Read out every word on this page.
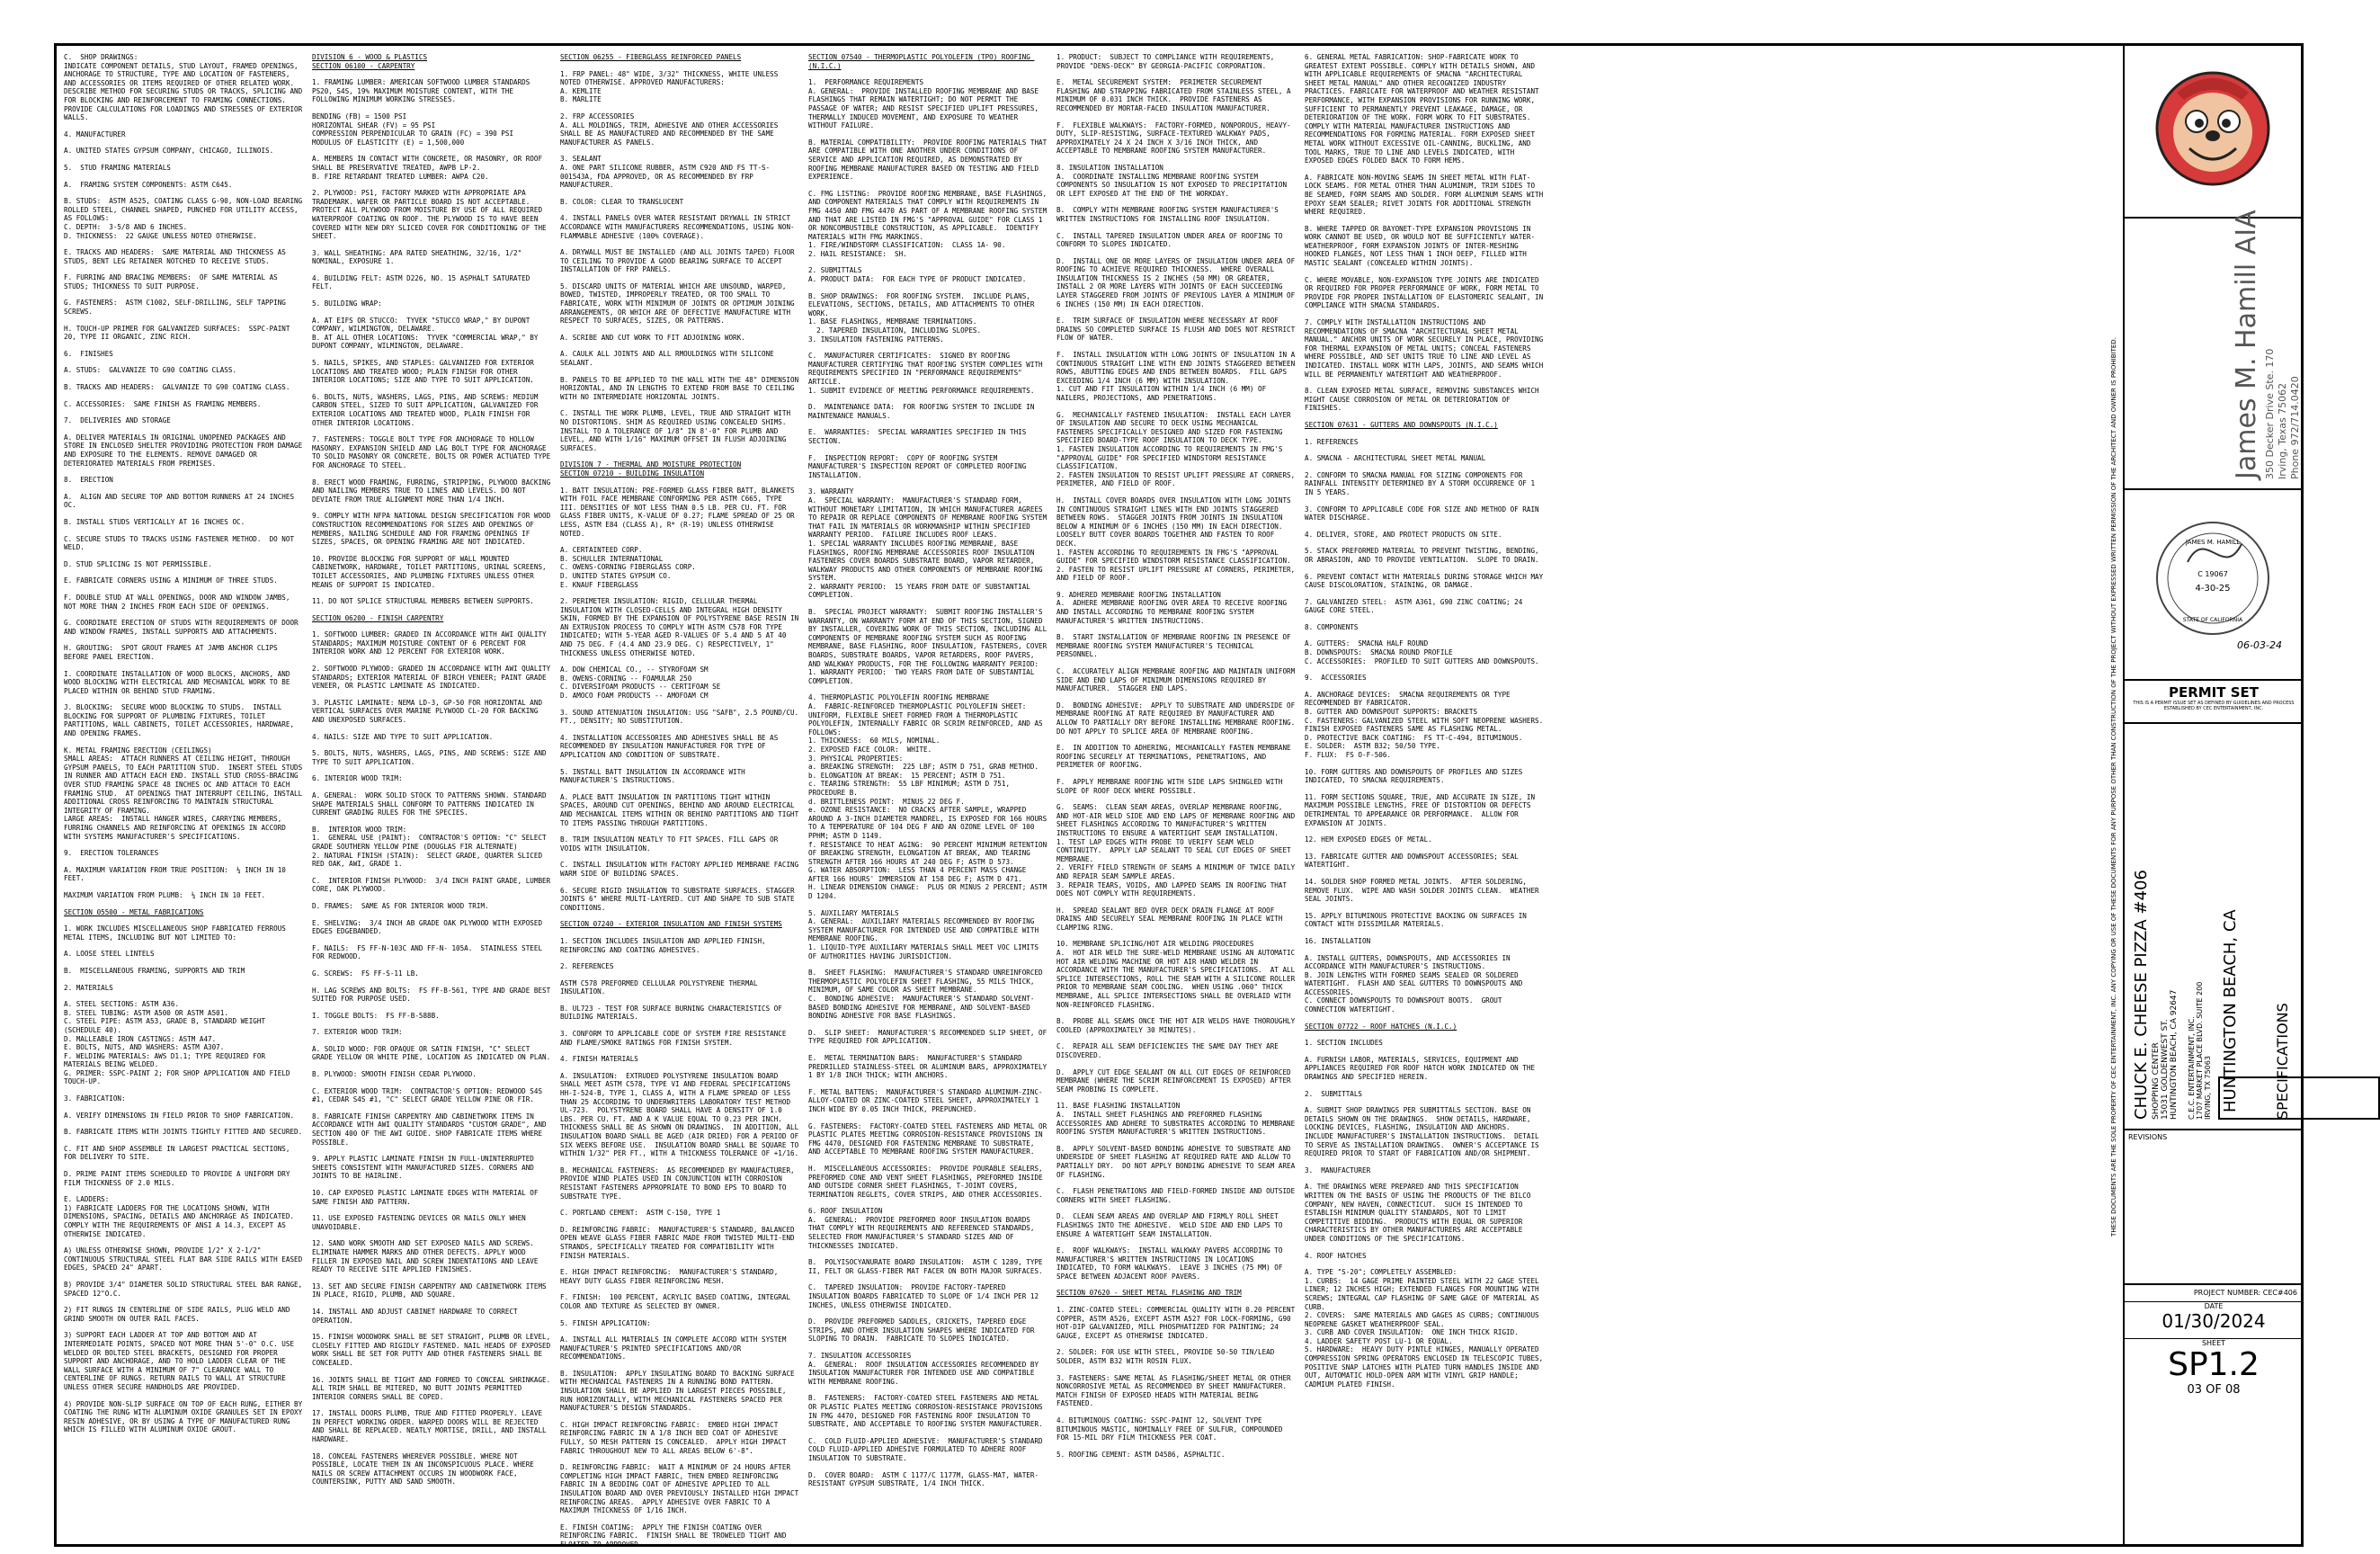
C.  SHOP DRAWINGS:
INDICATE COMPONENT DETAILS, STUD LAYOUT, FRAMED OPENINGS, ANCHORAGE TO STRUCTURE, TYPE AND LOCATION OF FASTENERS, AND ACCESSORIES OR ITEMS REQUIRED OF OTHER RELATED WORK.
DESCRIBE METHOD FOR SECURING STUDS OR TRACKS, SPLICING AND FOR BLOCKING AND REINFORCEMENT TO FRAMING CONNECTIONS.
PROVIDE CALCULATIONS FOR LOADINGS AND STRESSES OF EXTERIOR WALLS.

4. MANUFACTURER

A. UNITED STATES GYPSUM COMPANY, CHICAGO, ILLINOIS.

5.  STUD FRAMING MATERIALS

A.  FRAMING SYSTEM COMPONENTS: ASTM C645.

B. STUDS:  ASTM A525, COATING CLASS G-90, NON-LOAD BEARING ROLLED STEEL, CHANNEL SHAPED, PUNCHED FOR UTILITY ACCESS, AS FOLLOWS:
C. DEPTH:  3-5/8 AND 6 INCHES.
D. THICKNESS:  22 GAUGE UNLESS NOTED OTHERWISE.

E. TRACKS AND HEADERS:  SAME MATERIAL AND THICKNESS AS STUDS, BENT LEG RETAINER NOTCHED TO RECEIVE STUDS.

F. FURRING AND BRACING MEMBERS:  OF SAME MATERIAL AS STUDS; THICKNESS TO SUIT PURPOSE.

G. FASTENERS:  ASTM C1002, SELF-DRILLING, SELF TAPPING SCREWS.

H. TOUCH-UP PRIMER FOR GALVANIZED SURFACES:  SSPC-PAINT 20, TYPE II ORGANIC, ZINC RICH.

6.  FINISHES

A. STUDS:  GALVANIZE TO G90 COATING CLASS.

B. TRACKS AND HEADERS:  GALVANIZE TO G90 COATING CLASS.

C. ACCESSORIES:  SAME FINISH AS FRAMING MEMBERS.

7.  DELIVERIES AND STORAGE

A. DELIVER MATERIALS IN ORIGINAL UNOPENED PACKAGES AND STORE IN ENCLOSED SHELTER PROVIDING PROTECTION FROM DAMAGE AND EXPOSURE TO THE ELEMENTS. REMOVE DAMAGED OR DETERIORATED MATERIALS FROM PREMISES.

8.  ERECTION

A.  ALIGN AND SECURE TOP AND BOTTOM RUNNERS AT 24 INCHES OC.

B. INSTALL STUDS VERTICALLY AT 16 INCHES OC.

C. SECURE STUDS TO TRACKS USING FASTENER METHOD.  DO NOT WELD.

D. STUD SPLICING IS NOT PERMISSIBLE.

E. FABRICATE CORNERS USING A MINIMUM OF THREE STUDS.

F. DOUBLE STUD AT WALL OPENINGS, DOOR AND WINDOW JAMBS, NOT MORE THAN 2 INCHES FROM EACH SIDE OF OPENINGS.

G. COORDINATE ERECTION OF STUDS WITH REQUIREMENTS OF DOOR AND WINDOW FRAMES, INSTALL SUPPORTS AND ATTACHMENTS.

H. GROUTING:  SPOT GROUT FRAMES AT JAMB ANCHOR CLIPS BEFORE PANEL ERECTION.

I. COORDINATE INSTALLATION OF WOOD BLOCKS, ANCHORS, AND WOOD BLOCKING WITH ELECTRICAL AND MECHANICAL WORK TO BE PLACED WITHIN OR BEHIND STUD FRAMING.

J. BLOCKING:  SECURE WOOD BLOCKING TO STUDS.  INSTALL BLOCKING FOR SUPPORT OF PLUMBING FIXTURES, TOILET PARTITIONS, WALL CABINETS, TOILET ACCESSORIES, HARDWARE, AND OPENING FRAMES.

K. METAL FRAMING ERECTION (CEILINGS)
SMALL AREAS:  ATTACH RUNNERS AT CEILING HEIGHT, THROUGH GYPSUM PANELS, TO EACH PARTITION STUD.  INSERT STEEL STUDS IN RUNNER AND ATTACH EACH END. INSTALL STUD CROSS-BRACING OVER STUD FRAMING SPACE 48 INCHES OC AND ATTACH TO EACH FRAMING STUD.  AT OPENINGS THAT INTERRUPT CEILING, INSTALL ADDITIONAL CROSS REINFORCING TO MAINTAIN STRUCTURAL INTEGRITY OF FRAMING.
LARGE AREAS:  INSTALL HANGER WIRES, CARRYING MEMBERS, FURRING CHANNELS AND REINFORCING AT OPENINGS IN ACCORD WITH SYSTEMS MANUFACTURER'S SPECIFICATIONS.

9.  ERECTION TOLERANCES

A. MAXIMUM VARIATION FROM TRUE POSITION:  ¼ INCH IN 10 FEET.

MAXIMUM VARIATION FROM PLUMB:  ¼ INCH IN 10 FEET.

SECTION 05500 - METAL FABRICATIONS

1. WORK INCLUDES MISCELLANEOUS SHOP FABRICATED FERROUS METAL ITEMS, INCLUDING BUT NOT LIMITED TO:

A. LOOSE STEEL LINTELS

B.  MISCELLANEOUS FRAMING, SUPPORTS AND TRIM

2. MATERIALS

A. STEEL SECTIONS: ASTM A36.
B. STEEL TUBING: ASTM A500 OR ASTM A501.
C. STEEL PIPE: ASTM A53, GRADE B, STANDARD WEIGHT (SCHEDULE 40).
D. MALLEABLE IRON CASTINGS: ASTM A47.
E. BOLTS, NUTS, AND WASHERS: ASTM A307.
F. WELDING MATERIALS: AWS D1.1; TYPE REQUIRED FOR MATERIALS BEING WELDED.
G. PRIMER: SSPC-PAINT 2; FOR SHOP APPLICATION AND FIELD TOUCH-UP.

3. FABRICATION:

A. VERIFY DIMENSIONS IN FIELD PRIOR TO SHOP FABRICATION.

B. FABRICATE ITEMS WITH JOINTS TIGHTLY FITTED AND SECURED.

C. FIT AND SHOP ASSEMBLE IN LARGEST PRACTICAL SECTIONS, FOR DELIVERY TO SITE.

D. PRIME PAINT ITEMS SCHEDULED TO PROVIDE A UNIFORM DRY FILM THICKNESS OF 2.0 MILS.

E. LADDERS:
1) FABRICATE LADDERS FOR THE LOCATIONS SHOWN, WITH DIMENSIONS, SPACING, DETAILS AND ANCHORAGE AS INDICATED.  COMPLY WITH THE REQUIREMENTS OF ANSI A 14.3, EXCEPT AS OTHERWISE INDICATED.

A) UNLESS OTHERWISE SHOWN, PROVIDE 1/2" X 2-1/2" CONTINUOUS STRUCTURAL STEEL FLAT BAR SIDE RAILS WITH EASED EDGES, SPACED 24" APART.

B) PROVIDE 3/4" DIAMETER SOLID STRUCTURAL STEEL BAR RANGE, SPACED 12"O.C.

2) FIT RUNGS IN CENTERLINE OF SIDE RAILS, PLUG WELD AND GRIND SMOOTH ON OUTER RAIL FACES.

3) SUPPORT EACH LADDER AT TOP AND BOTTOM AND AT INTERMEDIATE POINTS, SPACED NOT MORE THAN 5'-0" O.C. USE WELDED OR BOLTED STEEL BRACKETS, DESIGNED FOR PROPER SUPPORT AND ANCHORAGE, AND TO HOLD LADDER CLEAR OF THE WALL SURFACE WITH A MINIMUM OF 7" CLEARANCE WALL TO CENTERLINE OF RUNGS. RETURN RAILS TO WALL AT STRUCTURE UNLESS OTHER SECURE HANDHOLDS ARE PROVIDED.

4) PROVIDE NON-SLIP SURFACE ON TOP OF EACH RUNG, EITHER BY COATING THE RUNG WITH ALUMINUM OXIDE GRANULES SET IN EPOXY RESIN ADHESIVE, OR BY USING A TYPE OF MANUFACTURED RUNG WHICH IS FILLED WITH ALUMINUM OXIDE GROUT.

DIVISION 6 - WOOD & PLASTICS
SECTION 06100 - CARPENTRY

1. FRAMING LUMBER: AMERICAN SOFTWOOD LUMBER STANDARDS PS20, S4S, 19% MAXIMUM MOISTURE CONTENT, WITH THE FOLLOWING MINIMUM WORKING STRESSES.

BENDING (FB) = 1500 PSI
HORIZONTAL SHEAR (FV) = 95 PSI
COMPRESSION PERPENDICULAR TO GRAIN (FC) = 390 PSI
MODULUS OF ELASTICITY (E) = 1,500,000

A. MEMBERS IN CONTACT WITH CONCRETE, OR MASONRY, OR ROOF SHALL BE PRESERVATIVE TREATED, AWPB LP-2.
B. FIRE RETARDANT TREATED LUMBER: AWPA C20.

2. PLYWOOD: PS1, FACTORY MARKED WITH APPROPRIATE APA TRADEMARK. WAFER OR PARTICLE BOARD IS NOT ACCEPTABLE. PROTECT ALL PLYWOOD FROM MOISTURE BY USE OF ALL REQUIRED WATERPROOF COATING ON ROOF. THE PLYWOOD IS TO HAVE BEEN COVERED WITH NEW DRY SLICED COVER FOR CONDITIONING OF THE SHEET.

3. WALL SHEATHING: APA RATED SHEATHING, 32/16, 1/2" NOMINAL, EXPOSURE 1.

4. BUILDING FELT: ASTM D226, NO. 15 ASPHALT SATURATED FELT.

5. BUILDING WRAP:

A. AT EIFS OR STUCCO:  TYVEK "STUCCO WRAP," BY DUPONT COMPANY, WILMINGTON, DELAWARE.
B. AT ALL OTHER LOCATIONS:  TYVEK "COMMERCIAL WRAP," BY DUPONT COMPANY, WILMINGTON, DELAWARE.

5. NAILS, SPIKES, AND STAPLES: GALVANIZED FOR EXTERIOR LOCATIONS AND TREATED WOOD; PLAIN FINISH FOR OTHER INTERIOR LOCATIONS; SIZE AND TYPE TO SUIT APPLICATION.

6. BOLTS, NUTS, WASHERS, LAGS, PINS, AND SCREWS: MEDIUM CARBON STEEL, SIZED TO SUIT APPLICATION, GALVANIZED FOR EXTERIOR LOCATIONS AND TREATED WOOD, PLAIN FINISH FOR OTHER INTERIOR LOCATIONS.

7. FASTENERS: TOGGLE BOLT TYPE FOR ANCHORAGE TO HOLLOW MASONRY. EXPANSION SHIELD AND LAG BOLT TYPE FOR ANCHORAGE TO SOLID MASONRY OR CONCRETE. BOLTS OR POWER ACTUATED TYPE FOR ANCHORAGE TO STEEL.

8. ERECT WOOD FRAMING, FURRING, STRIPPING, PLYWOOD BACKING AND NAILING MEMBERS TRUE TO LINES AND LEVELS. DO NOT DEVIATE FROM TRUE ALIGNMENT MORE THAN 1/4 INCH.

9. COMPLY WITH NFPA NATIONAL DESIGN SPECIFICATION FOR WOOD CONSTRUCTION RECOMMENDATIONS FOR SIZES AND OPENINGS OF MEMBERS, NAILING SCHEDULE AND FOR FRAMING OPENINGS IF SIZES, SPACES, OR OPENING FRAMING ARE NOT INDICATED.

10. PROVIDE BLOCKING FOR SUPPORT OF WALL MOUNTED CABINETWORK, HARDWARE, TOILET PARTITIONS, URINAL SCREENS, TOILET ACCESSORIES, AND PLUMBING FIXTURES UNLESS OTHER MEANS OF SUPPORT IS INDICATED.

11. DO NOT SPLICE STRUCTURAL MEMBERS BETWEEN SUPPORTS.

SECTION 06200 - FINISH CARPENTRY

1. SOFTWOOD LUMBER: GRADED IN ACCORDANCE WITH AWI QUALITY STANDARDS; MAXIMUM MOISTURE CONTENT OF 6 PERCENT FOR INTERIOR WORK AND 12 PERCENT FOR EXTERIOR WORK.

2. SOFTWOOD PLYWOOD: GRADED IN ACCORDANCE WITH AWI QUALITY STANDARDS; EXTERIOR MATERIAL OF BIRCH VENEER; PAINT GRADE VENEER, OR PLASTIC LAMINATE AS INDICATED.

3. PLASTIC LAMINATE: NEMA LD-3, GP-50 FOR HORIZONTAL AND VERTICAL SURFACES OVER MARINE PLYWOOD CL-20 FOR BACKING AND UNEXPOSED SURFACES.

4. NAILS: SIZE AND TYPE TO SUIT APPLICATION.

5. BOLTS, NUTS, WASHERS, LAGS, PINS, AND SCREWS: SIZE AND TYPE TO SUIT APPLICATION.

6. INTERIOR WOOD TRIM:

A. GENERAL:  WORK SOLID STOCK TO PATTERNS SHOWN. STANDARD SHAPE MATERIALS SHALL CONFORM TO PATTERNS INDICATED IN CURRENT GRADING RULES FOR THE SPECIES.

B.  INTERIOR WOOD TRIM:
1.  GENERAL USE (PAINT):  CONTRACTOR'S OPTION: "C" SELECT GRADE SOUTHERN YELLOW PINE (DOUGLAS FIR ALTERNATE)
2. NATURAL FINISH (STAIN):  SELECT GRADE, QUARTER SLICED RED OAK, AWI, GRADE 1.

C.  INTERIOR FINISH PLYWOOD:  3/4 INCH PAINT GRADE, LUMBER CORE, OAK PLYWOOD.

D. FRAMES:  SAME AS FOR INTERIOR WOOD TRIM.

E. SHELVING:  3/4 INCH AB GRADE OAK PLYWOOD WITH EXPOSED EDGES EDGEBANDED.

F. NAILS:  FS FF-N-103C AND FF-N- 105A.  STAINLESS STEEL FOR REDWOOD.

G. SCREWS:  FS FF-S-11 LB.

H. LAG SCREWS AND BOLTS:  FS FF-B-561, TYPE AND GRADE BEST SUITED FOR PURPOSE USED.

I. TOGGLE BOLTS:  FS FF-B-588B.

7. EXTERIOR WOOD TRIM:

A. SOLID WOOD: FOR OPAQUE OR SATIN FINISH, "C" SELECT GRADE YELLOW OR WHITE PINE, LOCATION AS INDICATED ON PLAN.

B. PLYWOOD: SMOOTH FINISH CEDAR PLYWOOD.

C. EXTERIOR WOOD TRIM:  CONTRACTOR'S OPTION: REDWOOD S4S #1, CEDAR S4S #1, "C" SELECT GRADE YELLOW PINE OR FIR.

8. FABRICATE FINISH CARPENTRY AND CABINETWORK ITEMS IN ACCORDANCE WITH AWI QUALITY STANDARDS "CUSTOM GRADE", AND SECTION 400 OF THE AWI GUIDE. SHOP FABRICATE ITEMS WHERE POSSIBLE.

9. APPLY PLASTIC LAMINATE FINISH IN FULL-UNINTERRUPTED SHEETS CONSISTENT WITH MANUFACTURED SIZES. CORNERS AND JOINTS TO BE HAIRLINE.

10. CAP EXPOSED PLASTIC LAMINATE EDGES WITH MATERIAL OF SAME FINISH AND PATTERN.

11. USE EXPOSED FASTENING DEVICES OR NAILS ONLY WHEN UNAVOIDABLE.

12. SAND WORK SMOOTH AND SET EXPOSED NAILS AND SCREWS. ELIMINATE HAMMER MARKS AND OTHER DEFECTS. APPLY WOOD FILLER IN EXPOSED NAIL AND SCREW INDENTATIONS AND LEAVE READY TO RECEIVE SITE APPLIED FINISHES.

13. SET AND SECURE FINISH CARPENTRY AND CABINETWORK ITEMS IN PLACE, RIGID, PLUMB, AND SQUARE.

14. INSTALL AND ADJUST CABINET HARDWARE TO CORRECT OPERATION.

15. FINISH WOODWORK SHALL BE SET STRAIGHT, PLUMB OR LEVEL, CLOSELY FITTED AND RIGIDLY FASTENED. NAIL HEADS OF EXPOSED WORK SHALL BE SET FOR PUTTY AND OTHER FASTENERS SHALL BE CONCEALED.

16. JOINTS SHALL BE TIGHT AND FORMED TO CONCEAL SHRINKAGE. ALL TRIM SHALL BE MITERED, NO BUTT JOINTS PERMITTED INTERIOR CORNERS SHALL BE COPED.

17. INSTALL DOORS PLUMB, TRUE AND FITTED PROPERLY. LEAVE IN PERFECT WORKING ORDER. WARPED DOORS WILL BE REJECTED AND SHALL BE REPLACED. NEATLY MORTISE, DRILL, AND INSTALL HARDWARE.

18. CONCEAL FASTENERS WHEREVER POSSIBLE. WHERE NOT POSSIBLE, LOCATE THEM IN AN INCONSPICUOUS PLACE. WHERE NAILS OR SCREW ATTACHMENT OCCURS IN WOODWORK FACE, COUNTERSINK, PUTTY AND SAND SMOOTH.

SECTION 06255 - FIBERGLASS REINFORCED PANELS

1. FRP PANEL: 48" WIDE, 3/32" THICKNESS, WHITE UNLESS NOTED OTHERWISE. APPROVED MANUFACTURERS:
A. KEMLITE
B. MARLITE

2. FRP ACCESSORIES
A. ALL MOLDINGS, TRIM, ADHESIVE AND OTHER ACCESSORIES SHALL BE AS MANUFACTURED AND RECOMMENDED BY THE SAME MANUFACTURER AS PANELS.

3. SEALANT
A. ONE PART SILICONE RUBBER, ASTM C920 AND FS TT-S-001543A, FDA APPROVED, OR AS RECOMMENDED BY FRP MANUFACTURER.

B. COLOR: CLEAR TO TRANSLUCENT

4. INSTALL PANELS OVER WATER RESISTANT DRYWALL IN STRICT ACCORDANCE WITH MANUFACTURERS RECOMMENDATIONS, USING NON-FLAMMABLE ADHESIVE (100% COVERAGE).

A. DRYWALL MUST BE INSTALLED (AND ALL JOINTS TAPED) FLOOR TO CEILING TO PROVIDE A GOOD BEARING SURFACE TO ACCEPT INSTALLATION OF FRP PANELS.

5. DISCARD UNITS OF MATERIAL WHICH ARE UNSOUND, WARPED, BOWED, TWISTED, IMPROPERLY TREATED, OR TOO SMALL TO FABRICATE, WORK WITH MINIMUM OF JOINTS OR OPTIMUM JOINING ARRANGEMENTS, OR WHICH ARE OF DEFECTIVE MANUFACTURE WITH RESPECT TO SURFACES, SIZES, OR PATTERNS.

A. SCRIBE AND CUT WORK TO FIT ADJOINING WORK.

A. CAULK ALL JOINTS AND ALL RMOULDINGS WITH SILICONE SEALANT.

B. PANELS TO BE APPLIED TO THE WALL WITH THE 48" DIMENSION HORIZONTAL, AND IN LENGTHS TO EXTEND FROM BASE TO CEILING WITH NO INTERMEDIATE HORIZONTAL JOINTS.

C. INSTALL THE WORK PLUMB, LEVEL, TRUE AND STRAIGHT WITH NO DISTORTIONS. SHIM AS REQUIRED USING CONCEALED SHIMS. INSTALL TO A TOLERANCE OF 1/8" IN 8'-0" FOR PLUMB AND LEVEL, AND WITH 1/16" MAXIMUM OFFSET IN FLUSH ADJOINING SURFACES.

DIVISION 7 - THERMAL AND MOISTURE PROTECTION
SECTION 07210 - BUILDING INSULATION

1. BATT INSULATION: PRE-FORMED GLASS FIBER BATT, BLANKETS WITH FOIL FACE MEMBRANE CONFORMING PER ASTM C665, TYPE III. DENSITIES OF NOT LESS THAN 0.5 LB. PER CU. FT. FOR GLASS FIBER UNITS, K-VALUE OF 0.27; FLAME SPREAD OF 25 OR LESS, ASTM E84 (CLASS A), R* (R-19) UNLESS OTHERWISE NOTED.

A. CERTAINTEED CORP.
B. SCHULLER INTERNATIONAL
C. OWENS-CORNING FIBERGLASS CORP.
D. UNITED STATES GYPSUM CO.
E. KNAUF FIBERGLASS

2. PERIMETER INSULATION: RIGID, CELLULAR THERMAL INSULATION WITH CLOSED-CELLS AND INTEGRAL HIGH DENSITY SKIN, FORMED BY THE EXPANSION OF POLYSTYRENE BASE RESIN IN AN EXTRUSION PROCESS TO COMPLY WITH ASTM C578 FOR TYPE INDICATED; WITH 5-YEAR AGED R-VALUES OF 5.4 AND 5 AT 40 AND 75 DEG. F (4.4 AND 23.9 DEG. C) RESPECTIVELY, 1" THICKNESS UNLESS OTHERWISE NOTED.

A. DOW CHEMICAL CO., -- STYROFOAM SM
B. OWENS-CORNING -- FOAMULAR 250
C. DIVERSIFOAM PRODUCTS -- CERTIFOAM SE
D. AMOCO FOAM PRODUCTS -- AMOFOAM CM

3. SOUND ATTENUATION INSULATION: USG "SAFB", 2.5 POUND/CU. FT., DENSITY; NO SUBSTITUTION.

4. INSTALLATION ACCESSORIES AND ADHESIVES SHALL BE AS RECOMMENDED BY INSULATION MANUFACTURER FOR TYPE OF APPLICATION AND CONDITION OF SUBSTRATE.

5. INSTALL BATT INSULATION IN ACCORDANCE WITH MANUFACTURER'S INSTRUCTIONS.

A. PLACE BATT INSULATION IN PARTITIONS TIGHT WITHIN SPACES, AROUND CUT OPENINGS, BEHIND AND AROUND ELECTRICAL AND MECHANICAL ITEMS WITHIN OR BEHIND PARTITIONS AND TIGHT TO ITEMS PASSING THROUGH PARTITIONS.

B. TRIM INSULATION NEATLY TO FIT SPACES. FILL GAPS OR VOIDS WITH INSULATION.

C. INSTALL INSULATION WITH FACTORY APPLIED MEMBRANE FACING WARM SIDE OF BUILDING SPACES.

6. SECURE RIGID INSULATION TO SUBSTRATE SURFACES. STAGGER JOINTS 6" WHERE MULTI-LAYERED. CUT AND SHAPE TO SUB STATE CONDITIONS.

SECTION 07240 - EXTERIOR INSULATION AND FINISH SYSTEMS

1. SECTION INCLUDES INSULATION AND APPLIED FINISH, REINFORCING AND COATING ADHESIVES.

2. REFERENCES

ASTM C578 PREFORMED CELLULAR POLYSTYRENE THERMAL INSULATION.

B. UL723 - TEST FOR SURFACE BURNING CHARACTERISTICS OF BUILDING MATERIALS.

3. CONFORM TO APPLICABLE CODE OF SYSTEM FIRE RESISTANCE AND FLAME/SMOKE RATINGS FOR FINISH SYSTEM.

4. FINISH MATERIALS

A. INSULATION:  EXTRUDED POLYSTYRENE INSULATION BOARD SHALL MEET ASTM C578, TYPE VI AND FEDERAL SPECIFICATIONS HH-I-524-B, TYPE 1, CLASS A, WITH A FLAME SPREAD OF LESS THAN 25 ACCORDING TO UNDERWRITERS LABORATORY TEST METHOD UL-723.  POLYSTYRENE BOARD SHALL HAVE A DENSITY OF 1.0 LBS. PER CU. FT. AND A K VALUE EQUAL TO 0.23 PER INCH.  THICKNESS SHALL BE AS SHOWN ON DRAWINGS.  IN ADDITION, ALL INSULATION BOARD SHALL BE AGED (AIR DRIED) FOR A PERIOD OF SIX WEEKS BEFORE USE.  INSULATION BOARD SHALL BE SQUARE TO WITHIN 1/32" PER FT., WITH A THICKNESS TOLERANCE OF +1/16.

B. MECHANICAL FASTENERS:  AS RECOMMENDED BY MANUFACTURER, PROVIDE WIND PLATES USED IN CONJUNCTION WITH CORROSION RESISTANT FASTENERS APPROPRIATE TO BOND EPS TO BOARD TO SUBSTRATE TYPE.

C. PORTLAND CEMENT:  ASTM C-150, TYPE 1

D. REINFORCING FABRIC:  MANUFACTURER'S STANDARD, BALANCED OPEN WEAVE GLASS FIBER FABRIC MADE FROM TWISTED MULTI-END STRANDS, SPECIFICALLY TREATED FOR COMPATIBILITY WITH FINISH MATERIALS.

E. HIGH IMPACT REINFORCING:  MANUFACTURER'S STANDARD, HEAVY DUTY GLASS FIBER REINFORCING MESH.

F. FINISH:  100 PERCENT, ACRYLIC BASED COATING, INTEGRAL COLOR AND TEXTURE AS SELECTED BY OWNER.

5. FINISH APPLICATION:

A. INSTALL ALL MATERIALS IN COMPLETE ACCORD WITH SYSTEM MANUFACTURER'S PRINTED SPECIFICATIONS AND/OR RECOMMENDATIONS.

B. INSULATION:  APPLY INSULATING BOARD TO BACKING SURFACE WITH MECHANICAL FASTENERS IN A RUNNING BOND PATTERN.  INSULATION SHALL BE APPLIED IN LARGEST PIECES POSSIBLE, RUN HORIZONTALLY, WITH MECHANICAL FASTENERS SPACED PER MANUFACTURER'S DESIGN STANDARDS.

C. HIGH IMPACT REINFORCING FABRIC:  EMBED HIGH IMPACT REINFORCING FABRIC IN A 1/8 INCH BED COAT OF ADHESIVE FULLY, SO MESH PATTERN IS CONCEALED.  APPLY HIGH IMPACT FABRIC THROUGHOUT NEW TO ALL AREAS BELOW 6'-8".

D. REINFORCING FABRIC:  WAIT A MINIMUM OF 24 HOURS AFTER COMPLETING HIGH IMPACT FABRIC, THEN EMBED REINFORCING FABRIC IN A BEDDING COAT OF ADHESIVE APPLIED TO ALL INSULATION BOARD AND OVER PREVIOUSLY INSTALLED HIGH IMPACT REINFORCING AREAS.  APPLY ADHESIVE OVER FABRIC TO A MAXIMUM THICKNESS OF 1/16 INCH.

E. FINISH COATING:  APPLY THE FINISH COATING OVER REINFORCING FABRIC.  FINISH SHALL BE TROWELED TIGHT AND FLOATED TO APPROVED.

SECTION 07540 - THERMOPLASTIC POLYOLEFIN (TPO) ROOFING (N.I.C.)

1.  PERFORMANCE REQUIREMENTS
A. GENERAL:  PROVIDE INSTALLED ROOFING MEMBRANE AND BASE FLASHINGS THAT REMAIN WATERTIGHT; DO NOT PERMIT THE PASSAGE OF WATER; AND RESIST SPECIFIED UPLIFT PRESSURES, THERMALLY INDUCED MOVEMENT, AND EXPOSURE TO WEATHER WITHOUT FAILURE.

B. MATERIAL COMPATIBILITY:  PROVIDE ROOFING MATERIALS THAT ARE COMPATIBLE WITH ONE ANOTHER UNDER CONDITIONS OF SERVICE AND APPLICATION REQUIRED, AS DEMONSTRATED BY ROOFING MEMBRANE MANUFACTURER BASED ON TESTING AND FIELD EXPERIENCE.

C. FMG LISTING:  PROVIDE ROOFING MEMBRANE, BASE FLASHINGS, AND COMPONENT MATERIALS THAT COMPLY WITH REQUIREMENTS IN FMG 4450 AND FMG 4470 AS PART OF A MEMBRANE ROOFING SYSTEM AND THAT ARE LISTED IN FMG'S "APPROVAL GUIDE" FOR CLASS 1 OR NONCOMBUSTIBLE CONSTRUCTION, AS APPLICABLE.  IDENTIFY MATERIALS WITH FMG MARKINGS.
1. FIRE/WINDSTORM CLASSIFICATION:  CLASS 1A- 90.
2. HAIL RESISTANCE:  SH.

2. SUBMITTALS
A. PRODUCT DATA:  FOR EACH TYPE OF PRODUCT INDICATED.

B. SHOP DRAWINGS:  FOR ROOFING SYSTEM.  INCLUDE PLANS, ELEVATIONS, SECTIONS, DETAILS, AND ATTACHMENTS TO OTHER WORK.
1. BASE FLASHINGS, MEMBRANE TERMINATIONS.
2. TAPERED INSULATION, INCLUDING SLOPES.
3. INSULATION FASTENING PATTERNS.

C.  MANUFACTURER CERTIFICATES:  SIGNED BY ROOFING MANUFACTURER CERTIFYING THAT ROOFING SYSTEM COMPLIES WITH REQUIREMENTS SPECIFIED IN "PERFORMANCE REQUIREMENTS" ARTICLE.
1. SUBMIT EVIDENCE OF MEETING PERFORMANCE REQUIREMENTS.

D.  MAINTENANCE DATA:  FOR ROOFING SYSTEM TO INCLUDE IN MAINTENANCE MANUALS.

E.  WARRANTIES:  SPECIAL WARRANTIES SPECIFIED IN THIS SECTION.

F.  INSPECTION REPORT:  COPY OF ROOFING SYSTEM MANUFACTURER'S INSPECTION REPORT OF COMPLETED ROOFING INSTALLATION.

3. WARRANTY
A.  SPECIAL WARRANTY:  MANUFACTURER'S STANDARD FORM, WITHOUT MONETARY LIMITATION, IN WHICH MANUFACTURER AGREES TO REPAIR OR REPLACE COMPONENTS OF MEMBRANE ROOFING SYSTEM THAT FAIL IN MATERIALS OR WORKMANSHIP WITHIN SPECIFIED WARRANTY PERIOD.  FAILURE INCLUDES ROOF LEAKS.
1. SPECIAL WARRANTY INCLUDES ROOFING MEMBRANE, BASE FLASHINGS, ROOFING MEMBRANE ACCESSORIES ROOF INSULATION FASTENERS COVER BOARDS SUBSTRATE BOARD, VAPOR RETARDER, WALKWAY PRODUCTS AND OTHER COMPONENTS OF MEMBRANE ROOFING SYSTEM.
2. WARRANTY PERIOD:  15 YEARS FROM DATE OF SUBSTANTIAL COMPLETION.

B.  SPECIAL PROJECT WARRANTY:  SUBMIT ROOFING INSTALLER'S WARRANTY, ON WARRANTY FORM AT END OF THIS SECTION, SIGNED BY INSTALLER, COVERING WORK OF THIS SECTION, INCLUDING ALL COMPONENTS OF MEMBRANE ROOFING SYSTEM SUCH AS ROOFING MEMBRANE, BASE FLASHING, ROOF INSULATION, FASTENERS, COVER BOARDS, SUBSTRATE BOARDS, VAPOR RETARDERS, ROOF PAVERS, AND WALKWAY PRODUCTS, FOR THE FOLLOWING WARRANTY PERIOD:
1. WARRANTY PERIOD:  TWO YEARS FROM DATE OF SUBSTANTIAL COMPLETION.

4. THERMOPLASTIC POLYOLEFIN ROOFING MEMBRANE
A.  FABRIC-REINFORCED THERMOPLASTIC POLYOLEFIN SHEET:  UNIFORM, FLEXIBLE SHEET FORMED FROM A THERMOPLASTIC POLYOLEFIN, INTERNALLY FABRIC OR SCRIM REINFORCED, AND AS FOLLOWS:
1. THICKNESS:  60 MILS, NOMINAL.
2. EXPOSED FACE COLOR:  WHITE.
3. PHYSICAL PROPERTIES:
a. BREAKING STRENGTH:  225 LBF; ASTM D 751, GRAB METHOD.
b. ELONGATION AT BREAK:  15 PERCENT; ASTM D 751.
c. TEARING STRENGTH:  55 LBF MINIMUM; ASTM D 751, PROCEDURE B.
d. BRITTLENESS POINT:  MINUS 22 DEG F.
e. OZONE RESISTANCE:  NO CRACKS AFTER SAMPLE, WRAPPED AROUND A 3-INCH DIAMETER MANDREL, IS EXPOSED FOR 166 HOURS TO A TEMPERATURE OF 104 DEG F AND AN OZONE LEVEL OF 100 PPHM; ASTM D 1149.
f. RESISTANCE TO HEAT AGING:  90 PERCENT MINIMUM RETENTION OF BREAKING STRENGTH, ELONGATION AT BREAK, AND TEARING STRENGTH AFTER 166 HOURS AT 240 DEG F; ASTM D 573.
G. WATER ABSORPTION:  LESS THAN 4 PERCENT MASS CHANGE AFTER 166 HOURS' IMMERSION AT 158 DEG F; ASTM D 471.
H. LINEAR DIMENSION CHANGE:  PLUS OR MINUS 2 PERCENT; ASTM D 1204.

5. AUXILIARY MATERIALS
A. GENERAL:  AUXILIARY MATERIALS RECOMMENDED BY ROOFING SYSTEM MANUFACTURER FOR INTENDED USE AND COMPATIBLE WITH MEMBRANE ROOFING.
1. LIQUID-TYPE AUXILIARY MATERIALS SHALL MEET VOC LIMITS OF AUTHORITIES HAVING JURISDICTION.

B.  SHEET FLASHING:  MANUFACTURER'S STANDARD UNREINFORCED THERMOPLASTIC POLYOLEFIN SHEET FLASHING, 55 MILS THICK, MINIMUM, OF SAME COLOR AS SHEET MEMBRANE.
C.  BONDING ADHESIVE:  MANUFACTURER'S STANDARD SOLVENT-BASED BONDING ADHESIVE FOR MEMBRANE, AND SOLVENT-BASED BONDING ADHESIVE FOR BASE FLASHINGS.

D.  SLIP SHEET:  MANUFACTURER'S RECOMMENDED SLIP SHEET, OF TYPE REQUIRED FOR APPLICATION.

E.  METAL TERMINATION BARS:  MANUFACTURER'S STANDARD PREDRILLED STAINLESS-STEEL OR ALUMINUM BARS, APPROXIMATELY 1 BY 1/8 INCH THICK; WITH ANCHORS.

F. METAL BATTENS:  MANUFACTURER'S STANDARD ALUMINUM-ZINC-ALLOY-COATED OR ZINC-COATED STEEL SHEET, APPROXIMATELY 1 INCH WIDE BY 0.05 INCH THICK, PREPUNCHED.

G. FASTENERS:  FACTORY-COATED STEEL FASTENERS AND METAL OR PLASTIC PLATES MEETING CORROSION-RESISTANCE PROVISIONS IN FMG 4470, DESIGNED FOR FASTENING MEMBRANE TO SUBSTRATE, AND ACCEPTABLE TO MEMBRANE ROOFING SYSTEM MANUFACTURER.

H.  MISCELLANEOUS ACCESSORIES:  PROVIDE POURABLE SEALERS, PREFORMED CONE AND VENT SHEET FLASHINGS, PREFORMED INSIDE AND OUTSIDE CORNER SHEET FLASHINGS, T-JOINT COVERS, TERMINATION REGLETS, COVER STRIPS, AND OTHER ACCESSORIES.

6. ROOF INSULATION
A.  GENERAL:  PROVIDE PREFORMED ROOF INSULATION BOARDS THAT COMPLY WITH REQUIREMENTS AND REFERENCED STANDARDS, SELECTED FROM MANUFACTURER'S STANDARD SIZES AND OF THICKNESSES INDICATED.

B.  POLYISOCYANURATE BOARD INSULATION:  ASTM C 1289, TYPE II, FELT OR GLASS-FIBER MAT FACER ON BOTH MAJOR SURFACES.

C.  TAPERED INSULATION:  PROVIDE FACTORY-TAPERED INSULATION BOARDS FABRICATED TO SLOPE OF 1/4 INCH PER 12 INCHES, UNLESS OTHERWISE INDICATED.

D.  PROVIDE PREFORMED SADDLES, CRICKETS, TAPERED EDGE STRIPS, AND OTHER INSULATION SHAPES WHERE INDICATED FOR SLOPING TO DRAIN.  FABRICATE TO SLOPES INDICATED.

7. INSULATION ACCESSORIES
A.  GENERAL:  ROOF INSULATION ACCESSORIES RECOMMENDED BY INSULATION MANUFACTURER FOR INTENDED USE AND COMPATIBLE WITH MEMBRANE ROOFING.

B.  FASTENERS:  FACTORY-COATED STEEL FASTENERS AND METAL OR PLASTIC PLATES MEETING CORROSION-RESISTANCE PROVISIONS IN FMG 4470, DESIGNED FOR FASTENING ROOF INSULATION TO SUBSTRATE, AND ACCEPTABLE TO ROOFING SYSTEM MANUFACTURER.

C.  COLD FLUID-APPLIED ADHESIVE:  MANUFACTURER'S STANDARD COLD FLUID-APPLIED ADHESIVE FORMULATED TO ADHERE ROOF INSULATION TO SUBSTRATE.

D.  COVER BOARD:  ASTM C 1177/C 1177M, GLASS-MAT, WATER-RESISTANT GYPSUM SUBSTRATE, 1/4 INCH THICK.

1. PRODUCT:  SUBJECT TO COMPLIANCE WITH REQUIREMENTS, PROVIDE "DENS-DECK" BY GEORGIA-PACIFIC CORPORATION.

E.  METAL SECUREMENT SYSTEM:  PERIMETER SECUREMENT FLASHING AND STRAPPING FABRICATED FROM STAINLESS STEEL, A MINIMUM OF 0.031 INCH THICK.  PROVIDE FASTENERS AS RECOMMENDED BY MORTAR-FACED INSULATION MANUFACTURER.

F.  FLEXIBLE WALKWAYS:  FACTORY-FORMED, NONPOROUS, HEAVY-DUTY, SLIP-RESISTING, SURFACE-TEXTURED WALKWAY PADS, APPROXIMATELY 24 X 24 INCH X 3/16 INCH THICK, AND ACCEPTABLE TO MEMBRANE ROOFING SYSTEM MANUFACTURER.

8. INSULATION INSTALLATION
A.  COORDINATE INSTALLING MEMBRANE ROOFING SYSTEM COMPONENTS SO INSULATION IS NOT EXPOSED TO PRECIPITATION OR LEFT EXPOSED AT THE END OF THE WORKDAY.

B.  COMPLY WITH MEMBRANE ROOFING SYSTEM MANUFACTURER'S WRITTEN INSTRUCTIONS FOR INSTALLING ROOF INSULATION.

C.  INSTALL TAPERED INSULATION UNDER AREA OF ROOFING TO CONFORM TO SLOPES INDICATED.

D.  INSTALL ONE OR MORE LAYERS OF INSULATION UNDER AREA OF ROOFING TO ACHIEVE REQUIRED THICKNESS.  WHERE OVERALL INSULATION THICKNESS IS 2 INCHES (50 MM) OR GREATER, INSTALL 2 OR MORE LAYERS WITH JOINTS OF EACH SUCCEEDING LAYER STAGGERED FROM JOINTS OF PREVIOUS LAYER A MINIMUM OF 6 INCHES (150 MM) IN EACH DIRECTION.

E.  TRIM SURFACE OF INSULATION WHERE NECESSARY AT ROOF DRAINS SO COMPLETED SURFACE IS FLUSH AND DOES NOT RESTRICT FLOW OF WATER.

F.  INSTALL INSULATION WITH LONG JOINTS OF INSULATION IN A CONTINUOUS STRAIGHT LINE WITH END JOINTS STAGGERED BETWEEN ROWS, ABUTTING EDGES AND ENDS BETWEEN BOARDS.  FILL GAPS EXCEEDING 1/4 INCH (6 MM) WITH INSULATION.
1. CUT AND FIT INSULATION WITHIN 1/4 INCH (6 MM) OF NAILERS, PROJECTIONS, AND PENETRATIONS.

G.  MECHANICALLY FASTENED INSULATION:  INSTALL EACH LAYER OF INSULATION AND SECURE TO DECK USING MECHANICAL FASTENERS SPECIFICALLY DESIGNED AND SIZED FOR FASTENING SPECIFIED BOARD-TYPE ROOF INSULATION TO DECK TYPE.
1. FASTEN INSULATION ACCORDING TO REQUIREMENTS IN FMG'S "APPROVAL GUIDE" FOR SPECIFIED WINDSTORM RESISTANCE CLASSIFICATION.
2. FASTEN INSULATION TO RESIST UPLIFT PRESSURE AT CORNERS, PERIMETER, AND FIELD OF ROOF.

H.  INSTALL COVER BOARDS OVER INSULATION WITH LONG JOINTS IN CONTINUOUS STRAIGHT LINES WITH END JOINTS STAGGERED BETWEEN ROWS.  STAGGER JOINTS FROM JOINTS IN INSULATION BELOW A MINIMUM OF 6 INCHES (150 MM) IN EACH DIRECTION. LOOSELY BUTT COVER BOARDS TOGETHER AND FASTEN TO ROOF DECK.
1. FASTEN ACCORDING TO REQUIREMENTS IN FMG'S "APPROVAL GUIDE" FOR SPECIFIED WINDSTORM RESISTANCE CLASSIFICATION.
2. FASTEN TO RESIST UPLIFT PRESSURE AT CORNERS, PERIMETER, AND FIELD OF ROOF.

9. ADHERED MEMBRANE ROOFING INSTALLATION
A.  ADHERE MEMBRANE ROOFING OVER AREA TO RECEIVE ROOFING AND INSTALL ACCORDING TO MEMBRANE ROOFING SYSTEM MANUFACTURER'S WRITTEN INSTRUCTIONS.

B.  START INSTALLATION OF MEMBRANE ROOFING IN PRESENCE OF MEMBRANE ROOFING SYSTEM MANUFACTURER'S TECHNICAL PERSONNEL.

C.  ACCURATELY ALIGN MEMBRANE ROOFING AND MAINTAIN UNIFORM SIDE AND END LAPS OF MINIMUM DIMENSIONS REQUIRED BY MANUFACTURER.  STAGGER END LAPS.

D.  BONDING ADHESIVE:  APPLY TO SUBSTRATE AND UNDERSIDE OF MEMBRANE ROOFING AT RATE REQUIRED BY MANUFACTURER AND ALLOW TO PARTIALLY DRY BEFORE INSTALLING MEMBRANE ROOFING.  DO NOT APPLY TO SPLICE AREA OF MEMBRANE ROOFING.

E.  IN ADDITION TO ADHERING, MECHANICALLY FASTEN MEMBRANE ROOFING SECURELY AT TERMINATIONS, PENETRATIONS, AND PERIMETER OF ROOFING.

F.  APPLY MEMBRANE ROOFING WITH SIDE LAPS SHINGLED WITH SLOPE OF ROOF DECK WHERE POSSIBLE.

G.  SEAMS:  CLEAN SEAM AREAS, OVERLAP MEMBRANE ROOFING, AND HOT-AIR WELD SIDE AND END LAPS OF MEMBRANE ROOFING AND SHEET FLASHINGS ACCORDING TO MANUFACTURER'S WRITTEN INSTRUCTIONS TO ENSURE A WATERTIGHT SEAM INSTALLATION.
1. TEST LAP EDGES WITH PROBE TO VERIFY SEAM WELD CONTINUITY.  APPLY LAP SEALANT TO SEAL CUT EDGES OF SHEET MEMBRANE.
2. VERIFY FIELD STRENGTH OF SEAMS A MINIMUM OF TWICE DAILY AND REPAIR SEAM SAMPLE AREAS.
3. REPAIR TEARS, VOIDS, AND LAPPED SEAMS IN ROOFING THAT DOES NOT COMPLY WITH REQUIREMENTS.

H.  SPREAD SEALANT BED OVER DECK DRAIN FLANGE AT ROOF DRAINS AND SECURELY SEAL MEMBRANE ROOFING IN PLACE WITH CLAMPING RING.

10. MEMBRANE SPLICING/HOT AIR WELDING PROCEDURES
A.  HOT AIR WELD THE SURE-WELD MEMBRANE USING AN AUTOMATIC HOT AIR WELDING MACHINE OR HOT AIR HAND WELDER IN ACCORDANCE WITH THE MANUFACTURER'S SPECIFICATIONS.  AT ALL SPLICE INTERSECTIONS, ROLL THE SEAM WITH A SILICONE ROLLER PRIOR TO MEMBRANE SEAM COOLING.  WHEN USING .060" THICK MEMBRANE, ALL SPLICE INTERSECTIONS SHALL BE OVERLAID WITH NON-REINFORCED FLASHING.

B.  PROBE ALL SEAMS ONCE THE HOT AIR WELDS HAVE THOROUGHLY COOLED (APPROXIMATELY 30 MINUTES).

C.  REPAIR ALL SEAM DEFICIENCIES THE SAME DAY THEY ARE DISCOVERED.

D.  APPLY CUT EDGE SEALANT ON ALL CUT EDGES OF REINFORCED MEMBRANE (WHERE THE SCRIM REINFORCEMENT IS EXPOSED) AFTER SEAM PROBING IS COMPLETE.

11. BASE FLASHING INSTALLATION
A.  INSTALL SHEET FLASHINGS AND PREFORMED FLASHING ACCESSORIES AND ADHERE TO SUBSTRATES ACCORDING TO MEMBRANE ROOFING SYSTEM MANUFACTURER'S WRITTEN INSTRUCTIONS.

B.  APPLY SOLVENT-BASED BONDING ADHESIVE TO SUBSTRATE AND UNDERSIDE OF SHEET FLASHING AT REQUIRED RATE AND ALLOW TO PARTIALLY DRY.  DO NOT APPLY BONDING ADHESIVE TO SEAM AREA OF FLASHING.

C.  FLASH PENETRATIONS AND FIELD-FORMED INSIDE AND OUTSIDE CORNERS WITH SHEET FLASHING.

D.  CLEAN SEAM AREAS AND OVERLAP AND FIRMLY ROLL SHEET FLASHINGS INTO THE ADHESIVE.  WELD SIDE AND END LAPS TO ENSURE A WATERTIGHT SEAM INSTALLATION.

E.  ROOF WALKWAYS:  INSTALL WALKWAY PAVERS ACCORDING TO MANUFACTURER'S WRITTEN INSTRUCTIONS IN LOCATIONS INDICATED, TO FORM WALKWAYS.  LEAVE 3 INCHES (75 MM) OF SPACE BETWEEN ADJACENT ROOF PAVERS.

SECTION 07620 - SHEET METAL FLASHING AND TRIM

1. ZINC-COATED STEEL: COMMERCIAL QUALITY WITH 0.20 PERCENT COPPER, ASTM A526, EXCEPT ASTM A527 FOR LOCK-FORMING, G90 HOT-DIP GALVANIZED, MILL PHOSPHATIZED FOR PAINTING; 24 GAUGE, EXCEPT AS OTHERWISE INDICATED.

2. SOLDER: FOR USE WITH STEEL, PROVIDE 50-50 TIN/LEAD SOLDER, ASTM B32 WITH ROSIN FLUX.

3. FASTENERS: SAME METAL AS FLASHING/SHEET METAL OR OTHER NONCORROSIVE METAL AS RECOMMENDED BY SHEET MANUFACTURER. MATCH FINISH OF EXPOSED HEADS WITH MATERIAL BEING FASTENED.

4. BITUMINOUS COATING: SSPC-PAINT 12, SOLVENT TYPE BITUMINOUS MASTIC, NOMINALLY FREE OF SULFUR, COMPOUNDED FOR 15-MIL DRY FILM THICKNESS PER COAT.

5. ROOFING CEMENT: ASTM D4586, ASPHALTIC.

6. GENERAL METAL FABRICATION: SHOP-FABRICATE WORK TO GREATEST EXTENT POSSIBLE. COMPLY WITH DETAILS SHOWN, AND WITH APPLICABLE REQUIREMENTS OF SMACNA "ARCHITECTURAL SHEET METAL MANUAL" AND OTHER RECOGNIZED INDUSTRY PRACTICES. FABRICATE FOR WATERPROOF AND WEATHER RESISTANT PERFORMANCE, WITH EXPANSION PROVISIONS FOR RUNNING WORK, SUFFICIENT TO PERMANENTLY PREVENT LEAKAGE, DAMAGE, OR DETERIORATION OF THE WORK. FORM WORK TO FIT SUBSTRATES. COMPLY WITH MATERIAL MANUFACTURER INSTRUCTIONS AND RECOMMENDATIONS FOR FORMING MATERIAL. FORM EXPOSED SHEET METAL WORK WITHOUT EXCESSIVE OIL-CANNING, BUCKLING, AND TOOL MARKS, TRUE TO LINE AND LEVELS INDICATED, WITH EXPOSED EDGES FOLDED BACK TO FORM HEMS.

A. FABRICATE NON-MOVING SEAMS IN SHEET METAL WITH FLAT-LOCK SEAMS. FOR METAL OTHER THAN ALUMINUM, TRIM SIDES TO BE SEAMED, FORM SEAMS AND SOLDER. FORM ALUMINUM SEAMS WITH EPOXY SEAM SEALER; RIVET JOINTS FOR ADDITIONAL STRENGTH WHERE REQUIRED.

B. WHERE TAPPED OR BAYONET-TYPE EXPANSION PROVISIONS IN WORK CANNOT BE USED, OR WOULD NOT BE SUFFICIENTLY WATER-WEATHERPROOF, FORM EXPANSION JOINTS OF INTER-MESHING HOOKED FLANGES, NOT LESS THAN 1 INCH DEEP, FILLED WITH MASTIC SEALANT (CONCEALED WITHIN JOINTS).

C. WHERE MOVABLE, NON-EXPANSION TYPE JOINTS ARE INDICATED OR REQUIRED FOR PROPER PERFORMANCE OF WORK, FORM METAL TO PROVIDE FOR PROPER INSTALLATION OF ELASTOMERIC SEALANT, IN COMPLIANCE WITH SMACNA STANDARDS.

7. COMPLY WITH INSTALLATION INSTRUCTIONS AND RECOMMENDATIONS OF SMACNA "ARCHITECTURAL SHEET METAL MANUAL." ANCHOR UNITS OF WORK SECURELY IN PLACE, PROVIDING FOR THERMAL EXPANSION OF METAL UNITS; CONCEAL FASTENERS WHERE POSSIBLE, AND SET UNITS TRUE TO LINE AND LEVEL AS INDICATED. INSTALL WORK WITH LAPS, JOINTS, AND SEAMS WHICH WILL BE PERMANENTLY WATERTIGHT AND WEATHERPROOF.

8. CLEAN EXPOSED METAL SURFACE, REMOVING SUBSTANCES WHICH MIGHT CAUSE CORROSION OF METAL OR DETERIORATION OF FINISHES.

SECTION 07631 - GUTTERS AND DOWNSPOUTS (N.I.C.)

1. REFERENCES

A. SMACNA - ARCHITECTURAL SHEET METAL MANUAL

2. CONFORM TO SMACNA MANUAL FOR SIZING COMPONENTS FOR RAINFALL INTENSITY DETERMINED BY A STORM OCCURRENCE OF 1 IN 5 YEARS.

3. CONFORM TO APPLICABLE CODE FOR SIZE AND METHOD OF RAIN WATER DISCHARGE.

4. DELIVER, STORE, AND PROTECT PRODUCTS ON SITE.

5. STACK PREFORMED MATERIAL TO PREVENT TWISTING, BENDING, OR ABRASION, AND TO PROVIDE VENTILATION.  SLOPE TO DRAIN.

6. PREVENT CONTACT WITH MATERIALS DURING STORAGE WHICH MAY CAUSE DISCOLORATION, STAINING, OR DAMAGE.

7. GALVANIZED STEEL:  ASTM A361, G90 ZINC COATING; 24 GAUGE CORE STEEL.

8. COMPONENTS

A. GUTTERS:  SMACNA HALF ROUND
B. DOWNSPOUTS:  SMACNA ROUND PROFILE
C. ACCESSORIES:  PROFILED TO SUIT GUTTERS AND DOWNSPOUTS.

9.  ACCESSORIES

A. ANCHORAGE DEVICES:  SMACNA REQUIREMENTS OR TYPE RECOMMENDED BY FABRICATOR.
B. GUTTER AND DOWNSPOUT SUPPORTS: BRACKETS
C. FASTENERS: GALVANIZED STEEL WITH SOFT NEOPRENE WASHERS.  FINISH EXPOSED FASTENERS SAME AS FLASHING METAL.
D. PROTECTIVE BACK COATING:  FS TT-C-494, BITUMINOUS.
E. SOLDER:  ASTM B32; 50/50 TYPE.
F. FLUX:  FS O-F-506.

10. FORM GUTTERS AND DOWNSPOUTS OF PROFILES AND SIZES INDICATED, TO SMACNA REQUIREMENTS.

11. FORM SECTIONS SQUARE, TRUE, AND ACCURATE IN SIZE, IN MAXIMUM POSSIBLE LENGTHS, FREE OF DISTORTION OR DEFECTS DETRIMENTAL TO APPEARANCE OR PERFORMANCE.  ALLOW FOR EXPANSION AT JOINTS.

12. HEM EXPOSED EDGES OF METAL.

13. FABRICATE GUTTER AND DOWNSPOUT ACCESSORIES; SEAL WATERTIGHT.

14. SOLDER SHOP FORMED METAL JOINTS.  AFTER SOLDERING, REMOVE FLUX.  WIPE AND WASH SOLDER JOINTS CLEAN.  WEATHER SEAL JOINTS.

15. APPLY BITUMINOUS PROTECTIVE BACKING ON SURFACES IN CONTACT WITH DISSIMILAR MATERIALS.

16. INSTALLATION

A. INSTALL GUTTERS, DOWNSPOUTS, AND ACCESSORIES IN ACCORDANCE WITH MANUFACTURER'S INSTRUCTIONS.
B. JOIN LENGTHS WITH FORMED SEAMS SEALED OR SOLDERED WATERTIGHT.  FLASH AND SEAL GUTTERS TO DOWNSPOUTS AND ACCESSORIES.
C. CONNECT DOWNSPOUTS TO DOWNSPOUT BOOTS.  GROUT CONNECTION WATERTIGHT.

SECTION 07722 - ROOF HATCHES (N.I.C.)

1. SECTION INCLUDES

A. FURNISH LABOR, MATERIALS, SERVICES, EQUIPMENT AND APPLIANCES REQUIRED FOR ROOF HATCH WORK INDICATED ON THE DRAWINGS AND SPECIFIED HEREIN.

2.  SUBMITTALS

A. SUBMIT SHOP DRAWINGS PER SUBMITTALS SECTION. BASE ON DETAILS SHOWN ON THE DRAWINGS.  SHOW DETAILS, HARDWARE, LOCKING DEVICES, FLASHING, INSULATION AND ANCHORS.  INCLUDE MANUFACTURER'S INSTALLATION INSTRUCTIONS.  DETAIL TO SERVE AS INSTALLATION DRAWINGS.  OWNER'S ACCEPTANCE IS REQUIRED PRIOR TO START OF FABRICATION AND/OR SHIPMENT.

3.  MANUFACTURER

A. THE DRAWINGS WERE PREPARED AND THIS SPECIFICATION WRITTEN ON THE BASIS OF USING THE PRODUCTS OF THE BILCO COMPANY, NEW HAVEN, CONNECTICUT.  SUCH IS INTENDED TO ESTABLISH MINIMUM QUALITY STANDARDS, NOT TO LIMIT COMPETITIVE BIDDING.  PRODUCTS WITH EQUAL OR SUPERIOR CHARACTERISTICS BY OTHER MANUFACTURERS ARE ACCEPTABLE UNDER CONDITIONS OF THE SPECIFICATIONS.

4. ROOF HATCHES

A. TYPE "S-20"; COMPLETELY ASSEMBLED:
1. CURBS:  14 GAGE PRIME PAINTED STEEL WITH 22 GAGE STEEL LINER; 12 INCHES HIGH; EXTENDED FLANGES FOR MOUNTING WITH SCREWS; INTEGRAL CAP FLASHING OF SAME GAGE OF MATERIAL AS CURB.
2. COVERS:  SAME MATERIALS AND GAGES AS CURBS; CONTINUOUS NEOPRENE GASKET WEATHERPROOF SEAL.
3. CURB AND COVER INSULATION:  ONE INCH THICK RIGID.
4. LADDER SAFETY POST LU-1 OR EQUAL.
5. HARDWARE:  HEAVY DUTY PINTLE HINGES, MANUALLY OPERATED COMPRESSION SPRING OPERATORS ENCLOSED IN TELESCOPIC TUBES, POSITIVE SNAP LATCHES WITH PLATED TURN HANDLES INSIDE AND OUT, AUTOMATIC HOLD-OPEN ARM WITH VINYL GRIP HANDLE; CADMIUM PLATED FINISH.

THESE DOCUMENTS ARE THE SOLE PROPERTY OF CEC ENTERTAINMENT, INC. ANY COPYING OR USE OF THESE DOCUMENTS FOR ANY PURPOSE OTHER THAN CONSTRUCTION OF THE PROJECT WITHOUT EXPRESSED WRITTEN PERMISSION OF THE ARCHITECT AND OWNER IS PROHIBITED.	James M. Hamill AIA 350 Decker Drive Ste. 170 Irving, Texas 75062 Phone 972/714.0420
JAMES M. HAMILL
C 19067
4-30-25
STATE OF CALIFORNIA
06-03-24
PERMIT SET
THIS IS A PERMIT ISSUE SET AS DEFINED BY GUIDELINES AND PROCESS ESTABLISHED BY CEC ENTERTAINMENT, INC.
CHUCK E. CHEESE PIZZA #406 SHOPPING CENTER 15031 GOLDENWEST ST. HUNTINGTON BEACH, CA 92647 C.E.C. ENTERTAINMENT, INC. 1707 MARKET PLACE BLVD. SUITE 200 IRVING, TX 75063 HUNTINGTON BEACH, CA SPECIFICATIONS
REVISIONS
PROJECT NUMBER: CEC#406
DATE
01/30/2024
SHEET
SP1.2
03 OF 08
